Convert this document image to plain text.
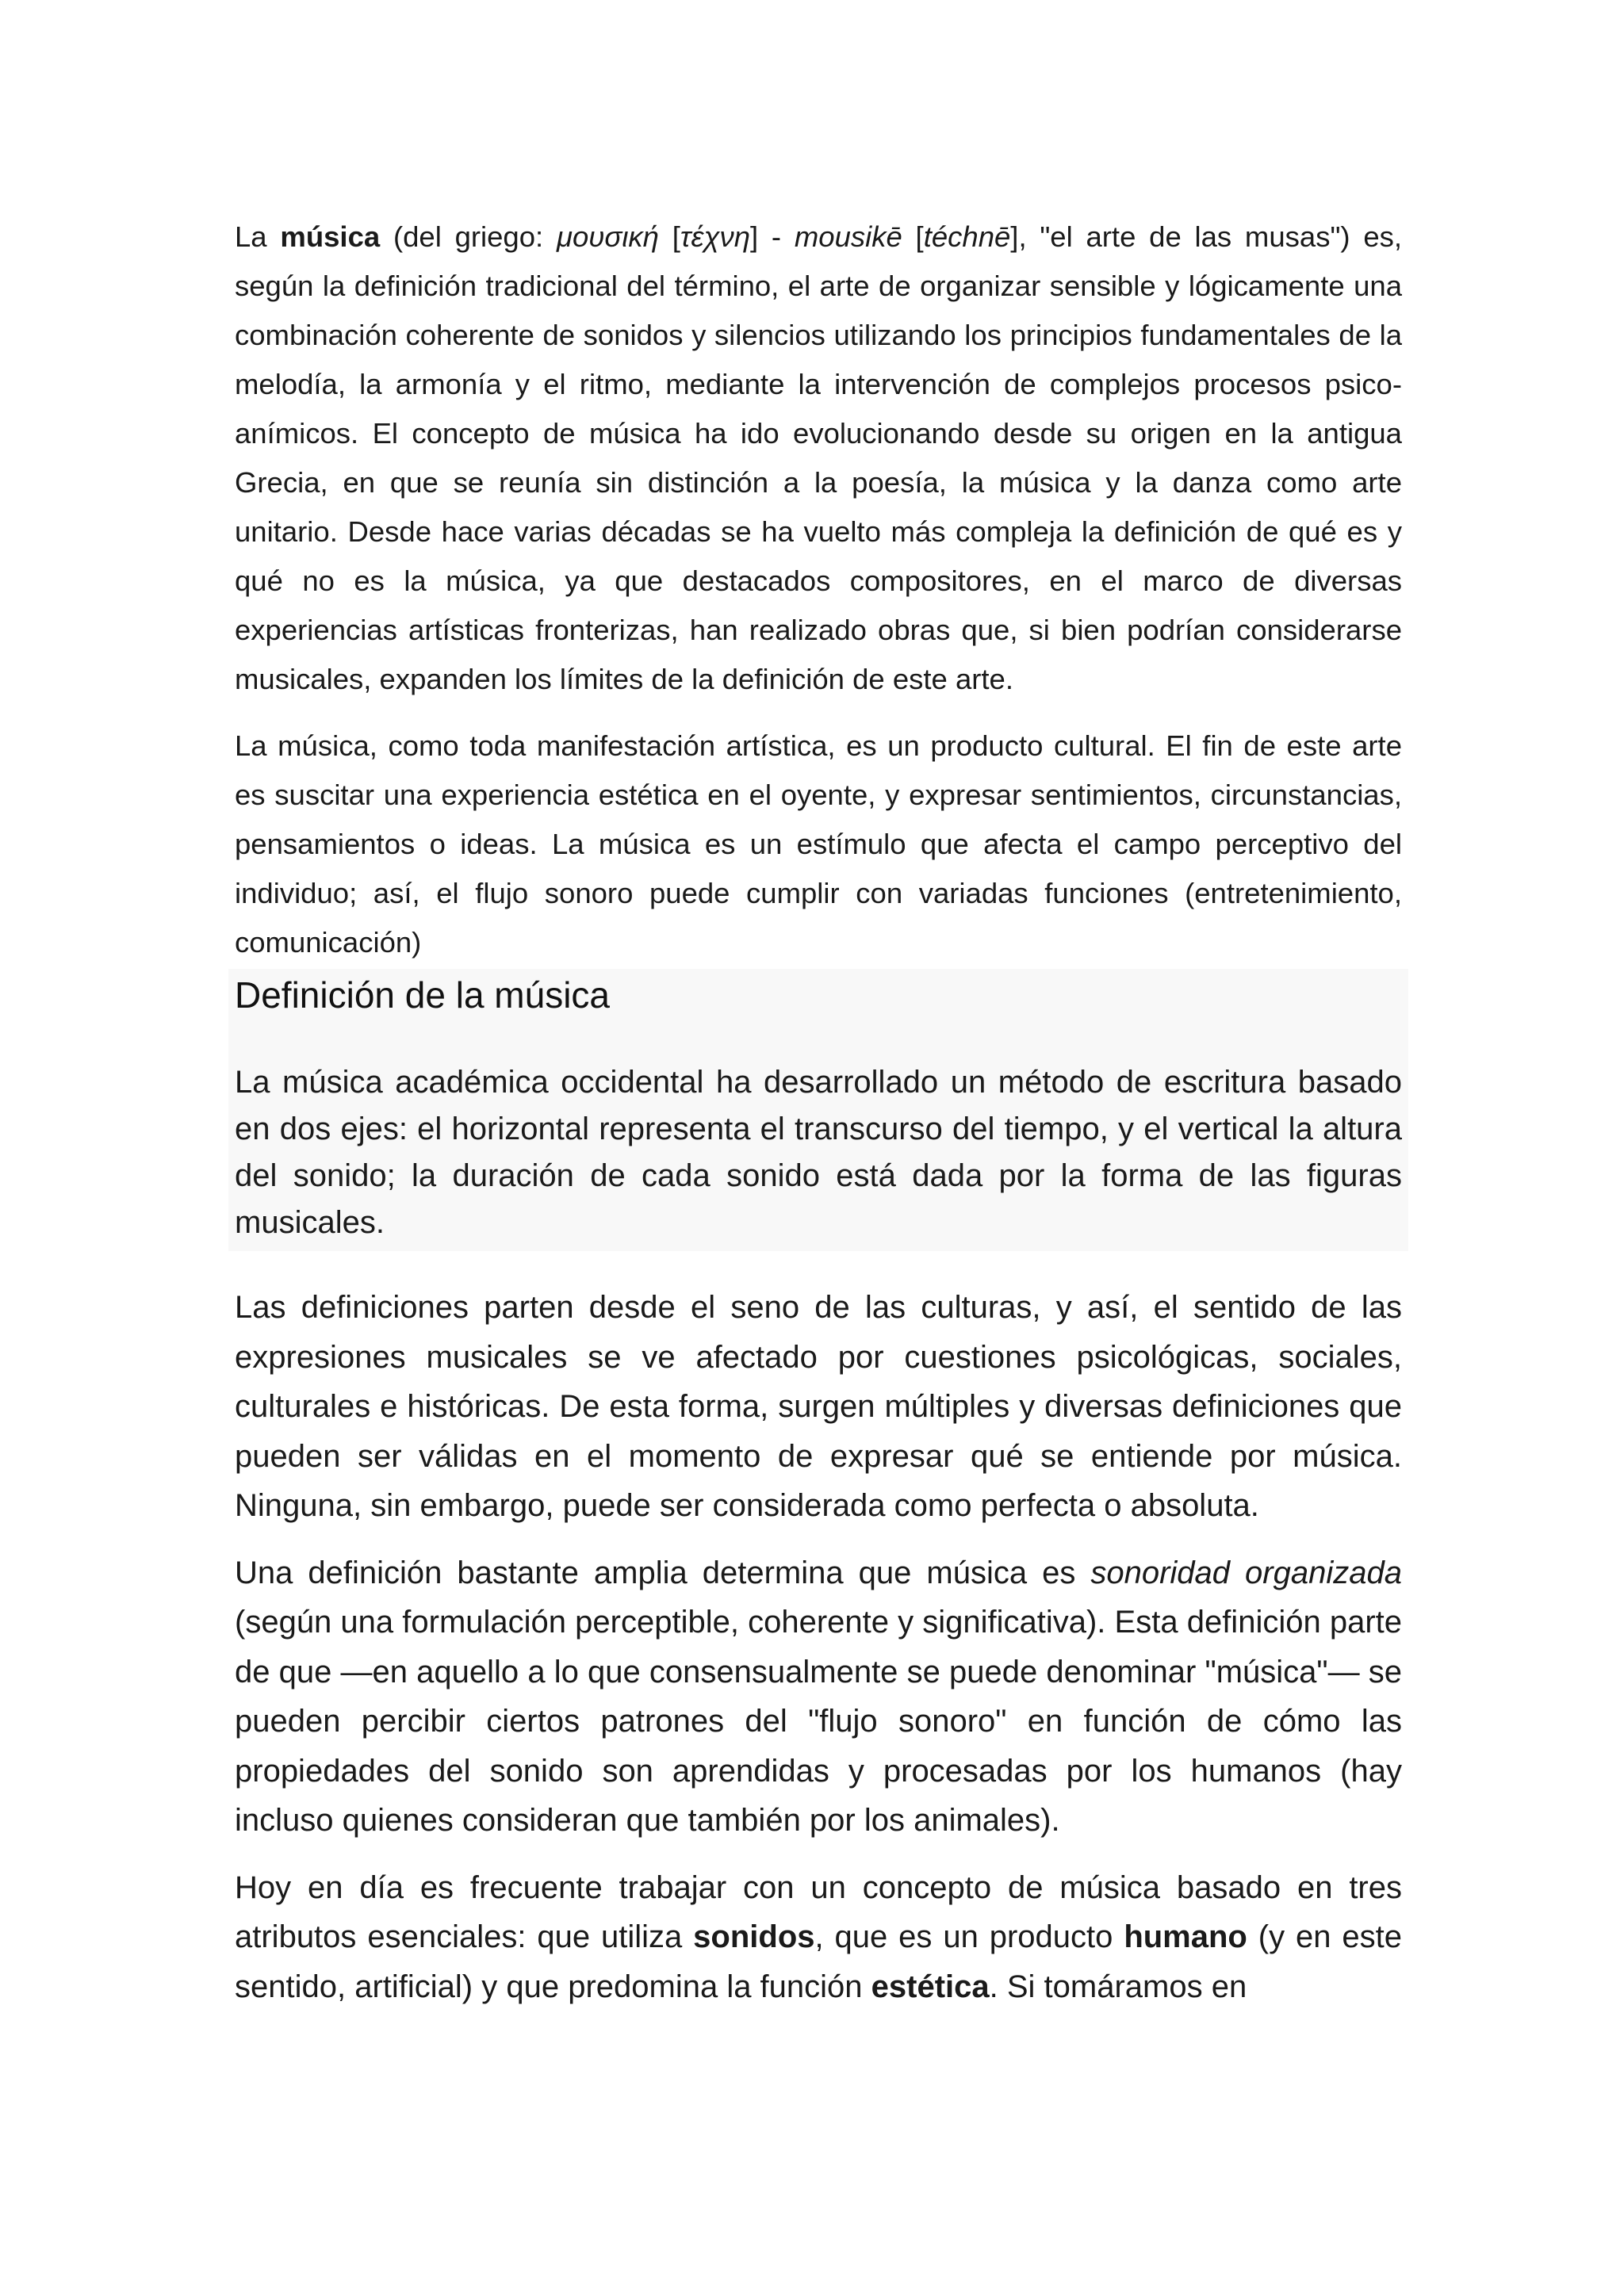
La música (del griego: μουσική [τέχνη] - mousikē [téchnē], "el arte de las musas") es, según la definición tradicional del término, el arte de organizar sensible y lógicamente una combinación coherente de sonidos y silencios utilizando los principios fundamentales de la melodía, la armonía y el ritmo, mediante la intervención de complejos procesos psico-anímicos. El concepto de música ha ido evolucionando desde su origen en la antigua Grecia, en que se reunía sin distinción a la poesía, la música y la danza como arte unitario. Desde hace varias décadas se ha vuelto más compleja la definición de qué es y qué no es la música, ya que destacados compositores, en el marco de diversas experiencias artísticas fronterizas, han realizado obras que, si bien podrían considerarse musicales, expanden los límites de la definición de este arte.

La música, como toda manifestación artística, es un producto cultural. El fin de este arte es suscitar una experiencia estética en el oyente, y expresar sentimientos, circunstancias, pensamientos o ideas. La música es un estímulo que afecta el campo perceptivo del individuo; así, el flujo sonoro puede cumplir con variadas funciones (entretenimiento, comunicación)

Definición de la música

La música académica occidental ha desarrollado un método de escritura basado en dos ejes: el horizontal representa el transcurso del tiempo, y el vertical la altura del sonido; la duración de cada sonido está dada por la forma de las figuras musicales.

Las definiciones parten desde el seno de las culturas, y así, el sentido de las expresiones musicales se ve afectado por cuestiones psicológicas, sociales, culturales e históricas. De esta forma, surgen múltiples y diversas definiciones que pueden ser válidas en el momento de expresar qué se entiende por música. Ninguna, sin embargo, puede ser considerada como perfecta o absoluta.

Una definición bastante amplia determina que música es sonoridad organizada (según una formulación perceptible, coherente y significativa). Esta definición parte de que —en aquello a lo que consensualmente se puede denominar "música"— se pueden percibir ciertos patrones del "flujo sonoro" en función de cómo las propiedades del sonido son aprendidas y procesadas por los humanos (hay incluso quienes consideran que también por los animales).

Hoy en día es frecuente trabajar con un concepto de música basado en tres atributos esenciales: que utiliza sonidos, que es un producto humano (y en este sentido, artificial) y que predomina la función estética. Si tomáramos en
